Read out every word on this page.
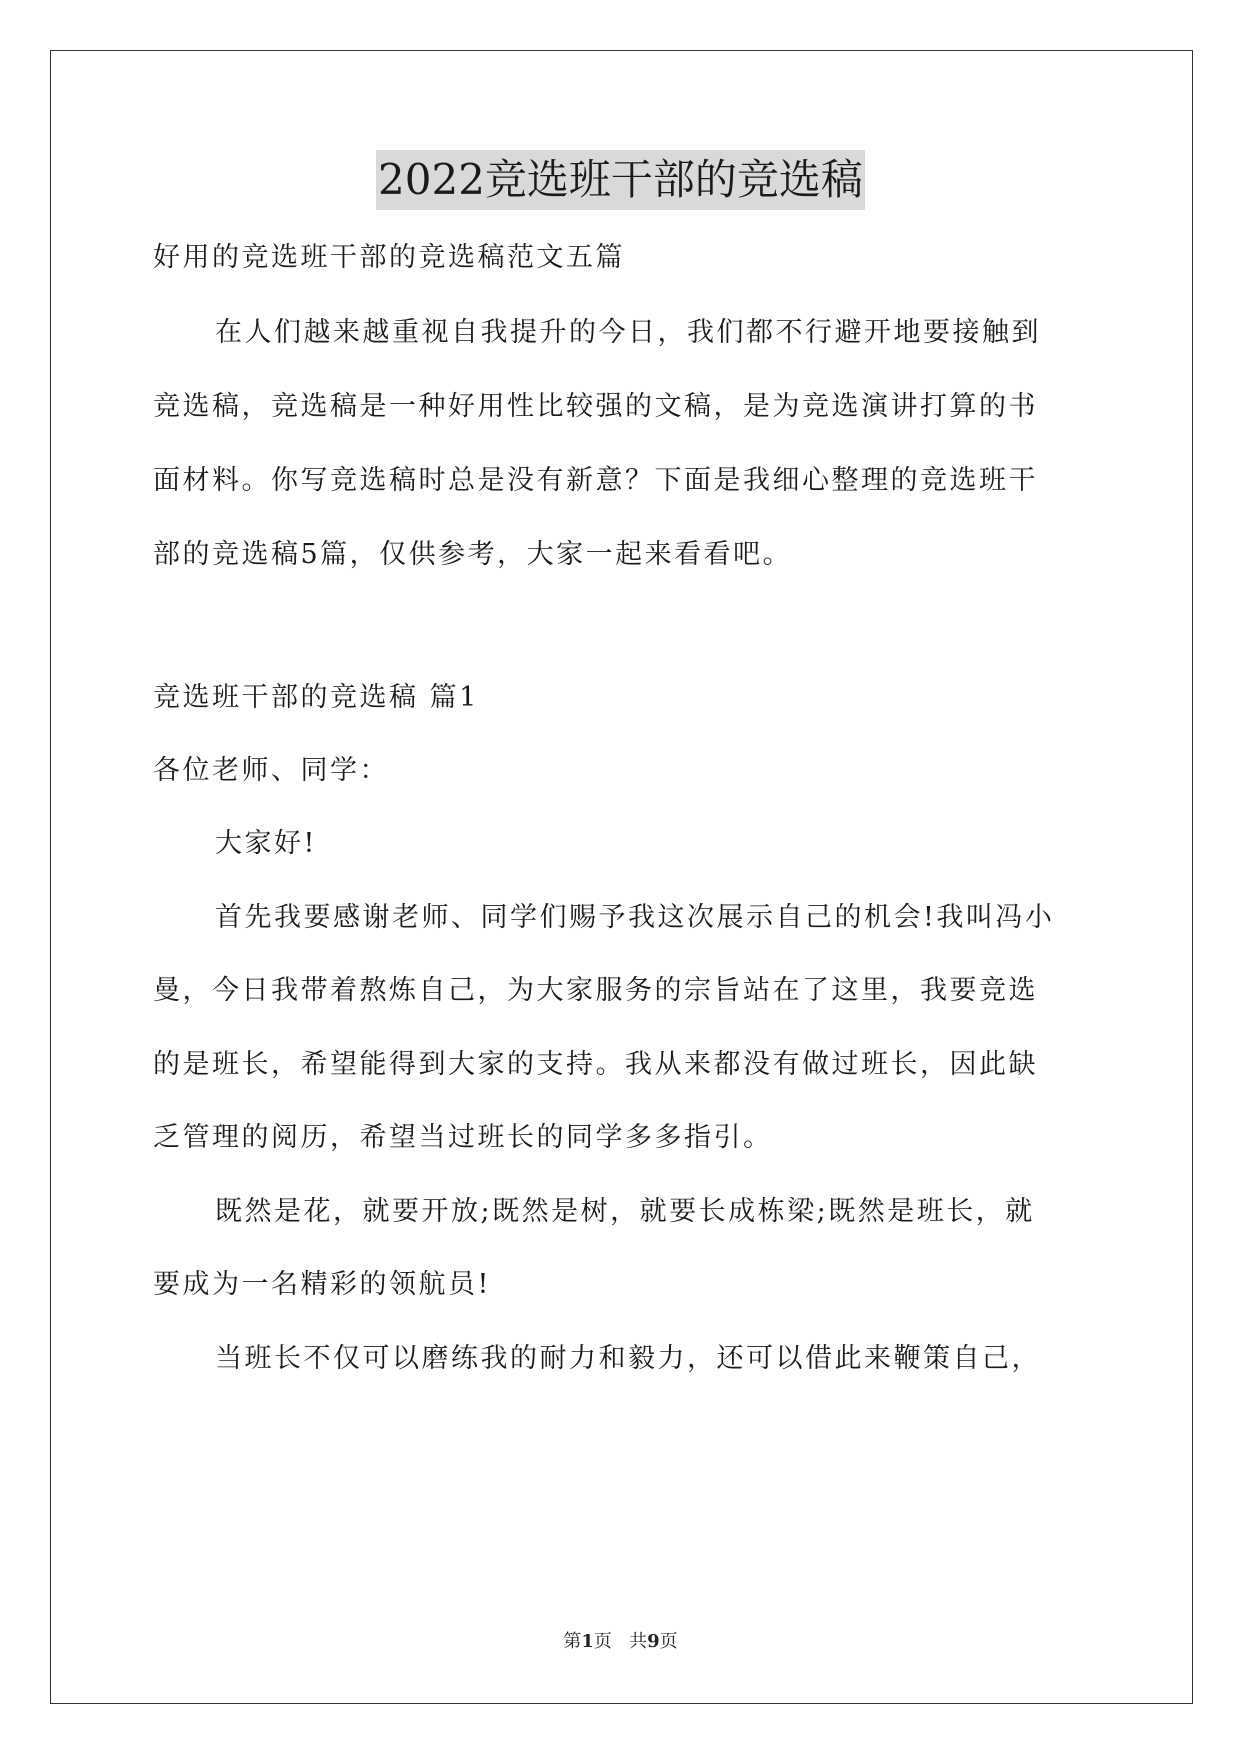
2022竞选班干部的竞选稿
好用的竞选班干部的竞选稿范文五篇
在人们越来越重视自我提升的今日，我们都不行避开地要接触到
竞选稿，竞选稿是一种好用性比较强的文稿，是为竞选演讲打算的书
面材料。你写竞选稿时总是没有新意？下面是我细心整理的竞选班干
部的竞选稿5篇，仅供参考，大家一起来看看吧。
竞选班干部的竞选稿 篇1
各位老师、同学：
大家好!
首先我要感谢老师、同学们赐予我这次展示自己的机会!我叫冯小
曼，今日我带着熬炼自己，为大家服务的宗旨站在了这里，我要竞选
的是班长，希望能得到大家的支持。我从来都没有做过班长，因此缺
乏管理的阅历，希望当过班长的同学多多指引。
既然是花，就要开放;既然是树，就要长成栋梁;既然是班长，就
要成为一名精彩的领航员!
当班长不仅可以磨练我的耐力和毅力，还可以借此来鞭策自己，
第1页 共9页
